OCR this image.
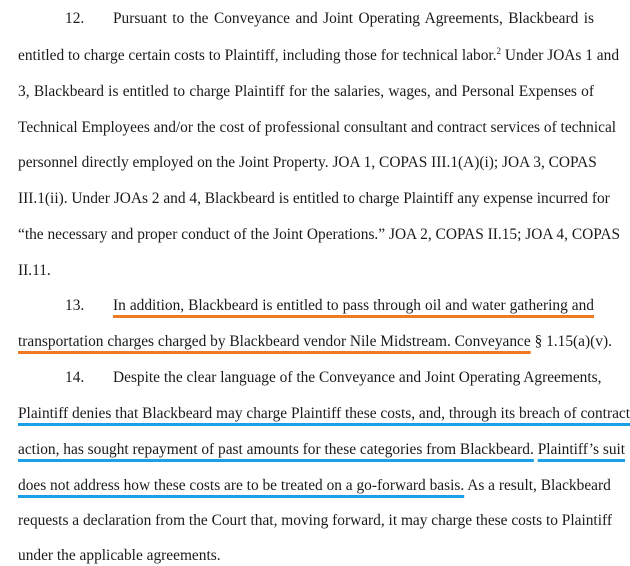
12. Pursuant to the Conveyance and Joint Operating Agreements, Blackbeard is
entitled to charge certain costs to Plaintiff, including those for technical labor.$^2$ Under JOAs 1 and
3, Blackbeard is entitled to charge Plaintiff for the salaries, wages, and Personal Expenses of
Technical Employees and/or the cost of professional consultant and contract services of technical
personnel directly employed on the Joint Property. JOA 1, COPAS III.1(A)(i); JOA 3, COPAS
III.1(ii). Under JOAs 2 and 4, Blackbeard is entitled to charge Plaintiff any expense incurred for
“the necessary and proper conduct of the Joint Operations.” JOA 2, COPAS II.15; JOA 4, COPAS
II.11.
13. In addition, Blackbeard is entitled to pass through oil and water gathering and
transportation charges charged by Blackbeard vendor Nile Midstream. Conveyance § 1.15(a)(v).
14. Despite the clear language of the Conveyance and Joint Operating Agreements,
Plaintiff denies that Blackbeard may charge Plaintiff these costs, and, through its breach of contract
action, has sought repayment of past amounts for these categories from Blackbeard. Plaintiff’s suit
does not address how these costs are to be treated on a go-forward basis. As a result, Blackbeard
requests a declaration from the Court that, moving forward, it may charge these costs to Plaintiff
under the applicable agreements.
